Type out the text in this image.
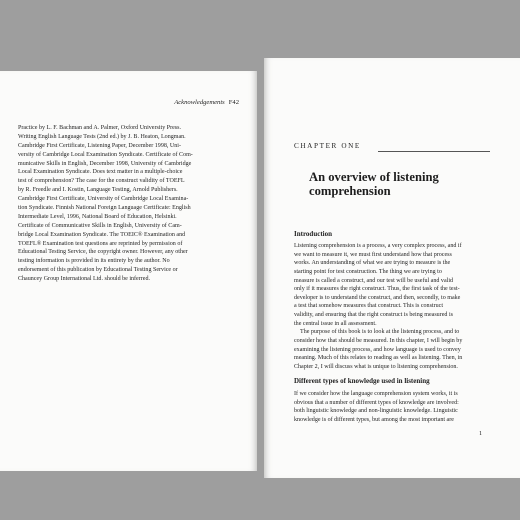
Acknowledgements F42
Practice by L. F. Bachman and A. Palmer, Oxford University Press.
Writing English Language Tests (2nd ed.) by J. B. Heaton, Longman.
Cambridge First Certificate, Listening Paper, December 1998, Uni-
versity of Cambridge Local Examination Syndicate. Certificate of Com-
municative Skills in English, December 1998, University of Cambridge
Local Examination Syndicate. Does text matter in a multiple-choice
test of comprehension? The case for the construct validity of TOEFL
by R. Freedle and I. Kostin, Language Testing, Arnold Publishers.
Cambridge First Certificate, University of Cambridge Local Examina-
tion Syndicate. Finnish National Foreign Language Certificate: English
Intermediate Level, 1996, National Board of Education, Helsinki.
Certificate of Communicative Skills in English, University of Cam-
bridge Local Examination Syndicate. The TOEIC® Examination and
TOEFL® Examination test questions are reprinted by permission of
Educational Testing Service, the copyright owner. However, any other
testing information is provided in its entirety by the author. No
endorsement of this publication by Educational Testing Service or
Chauncey Group International Ltd. should be inferred.
CHAPTER ONE
An overview of listening
comprehension
Introduction
Listening comprehension is a process, a very complex process, and if
we want to measure it, we must first understand how that process
works. An understanding of what we are trying to measure is the
starting point for test construction. The thing we are trying to
measure is called a construct, and our test will be useful and valid
only if it measures the right construct. Thus, the first task of the test-
developer is to understand the construct, and then, secondly, to make
a test that somehow measures that construct. This is construct
validity, and ensuring that the right construct is being measured is
the central issue in all assessment.
The purpose of this book is to look at the listening process, and to
consider how that should be measured. In this chapter, I will begin by
examining the listening process, and how language is used to convey
meaning. Much of this relates to reading as well as listening. Then, in
Chapter 2, I will discuss what is unique to listening comprehension.
Different types of knowledge used in listening
If we consider how the language comprehension system works, it is
obvious that a number of different types of knowledge are involved:
both linguistic knowledge and non-linguistic knowledge. Linguistic
knowledge is of different types, but among the most important are
1
